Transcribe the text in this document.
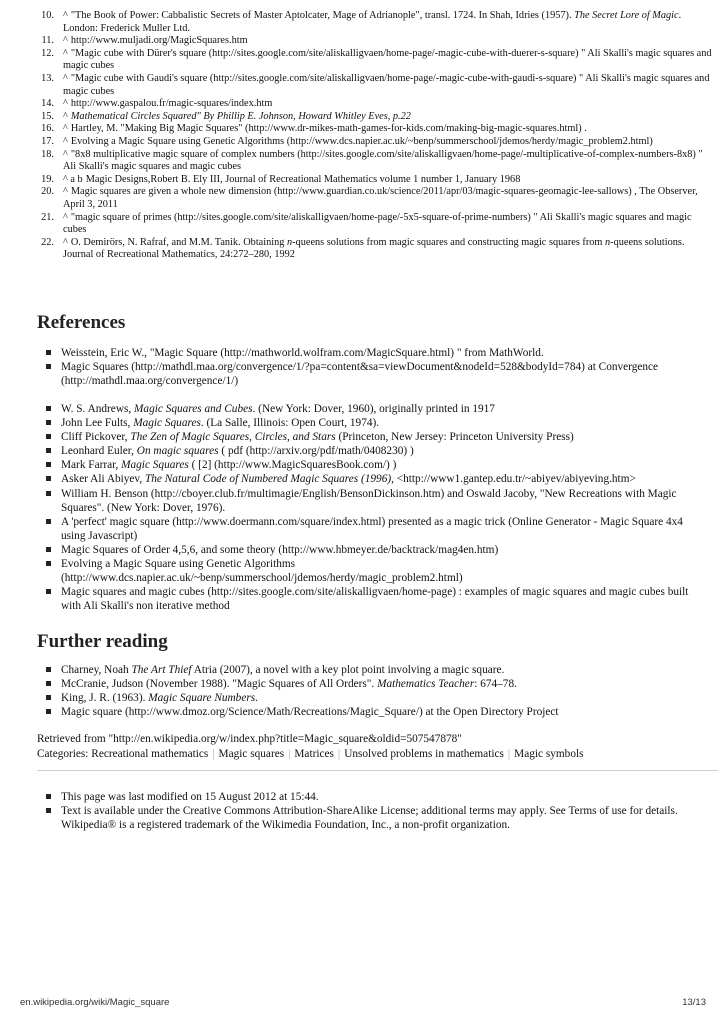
10. ^ "The Book of Power: Cabbalistic Secrets of Master Aptolcater, Mage of Adrianople", transl. 1724. In Shah, Idries (1957). The Secret Lore of Magic. London: Frederick Muller Ltd.
11. ^ http://www.muljadi.org/MagicSquares.htm
12. ^ "Magic cube with Dürer's square (http://sites.google.com/site/aliskalligvaen/home-page/-magic-cube-with-duerer-s-square) " Ali Skalli's magic squares and magic cubes
13. ^ "Magic cube with Gaudi's square (http://sites.google.com/site/aliskalligvaen/home-page/-magic-cube-with-gaudi-s-square) " Ali Skalli's magic squares and magic cubes
14. ^ http://www.gaspalou.fr/magic-squares/index.htm
15. ^ Mathematical Circles Squared" By Phillip E. Johnson, Howard Whitley Eves, p.22
16. ^ Hartley, M. "Making Big Magic Squares" (http://www.dr-mikes-math-games-for-kids.com/making-big-magic-squares.html) .
17. ^ Evolving a Magic Square using Genetic Algorithms (http://www.dcs.napier.ac.uk/~benp/summerschool/jdemos/herdy/magic_problem2.html)
18. ^ "8x8 multiplicative magic square of complex numbers (http://sites.google.com/site/aliskalligvaen/home-page/-multiplicative-of-complex-numbers-8x8) " Ali Skalli's magic squares and magic cubes
19. ^ a b Magic Designs,Robert B. Ely III, Journal of Recreational Mathematics volume 1 number 1, January 1968
20. ^ Magic squares are given a whole new dimension (http://www.guardian.co.uk/science/2011/apr/03/magic-squares-geomagic-lee-sallows) , The Observer, April 3, 2011
21. ^ "magic square of primes (http://sites.google.com/site/aliskalligvaen/home-page/-5x5-square-of-prime-numbers) " Ali Skalli's magic squares and magic cubes
22. ^ O. Demirörs, N. Rafraf, and M.M. Tanik. Obtaining n-queens solutions from magic squares and constructing magic squares from n-queens solutions. Journal of Recreational Mathematics, 24:272–280, 1992
References
Weisstein, Eric W., "Magic Square (http://mathworld.wolfram.com/MagicSquare.html) " from MathWorld.
Magic Squares (http://mathdl.maa.org/convergence/1/?pa=content&sa=viewDocument&nodeId=528&bodyId=784) at Convergence (http://mathdl.maa.org/convergence/1/)
W. S. Andrews, Magic Squares and Cubes. (New York: Dover, 1960), originally printed in 1917
John Lee Fults, Magic Squares. (La Salle, Illinois: Open Court, 1974).
Cliff Pickover, The Zen of Magic Squares, Circles, and Stars (Princeton, New Jersey: Princeton University Press)
Leonhard Euler, On magic squares ( pdf (http://arxiv.org/pdf/math/0408230) )
Mark Farrar, Magic Squares ( [2] (http://www.MagicSquaresBook.com/) )
Asker Ali Abiyev, The Natural Code of Numbered Magic Squares (1996), <http://www1.gantep.edu.tr/~abiyev/abiyeving.htm>
William H. Benson (http://cboyer.club.fr/multimagie/English/BensonDickinson.htm) and Oswald Jacoby, "New Recreations with Magic Squares". (New York: Dover, 1976).
A 'perfect' magic square (http://www.doermann.com/square/index.html) presented as a magic trick (Online Generator - Magic Square 4x4 using Javascript)
Magic Squares of Order 4,5,6, and some theory (http://www.hbmeyer.de/backtrack/mag4en.htm)
Evolving a Magic Square using Genetic Algorithms (http://www.dcs.napier.ac.uk/~benp/summerschool/jdemos/herdy/magic_problem2.html)
Magic squares and magic cubes (http://sites.google.com/site/aliskalligvaen/home-page) : examples of magic squares and magic cubes built with Ali Skalli's non iterative method
Further reading
Charney, Noah The Art Thief Atria (2007), a novel with a key plot point involving a magic square.
McCranie, Judson (November 1988). "Magic Squares of All Orders". Mathematics Teacher: 674–78.
King, J. R. (1963). Magic Square Numbers.
Magic square (http://www.dmoz.org/Science/Math/Recreations/Magic_Square/) at the Open Directory Project
Retrieved from "http://en.wikipedia.org/w/index.php?title=Magic_square&oldid=507547878"
Categories: Recreational mathematics | Magic squares | Matrices | Unsolved problems in mathematics | Magic symbols
This page was last modified on 15 August 2012 at 15:44.
Text is available under the Creative Commons Attribution-ShareAlike License; additional terms may apply. See Terms of use for details.
Wikipedia® is a registered trademark of the Wikimedia Foundation, Inc., a non-profit organization.
en.wikipedia.org/wiki/Magic_square	13/13
